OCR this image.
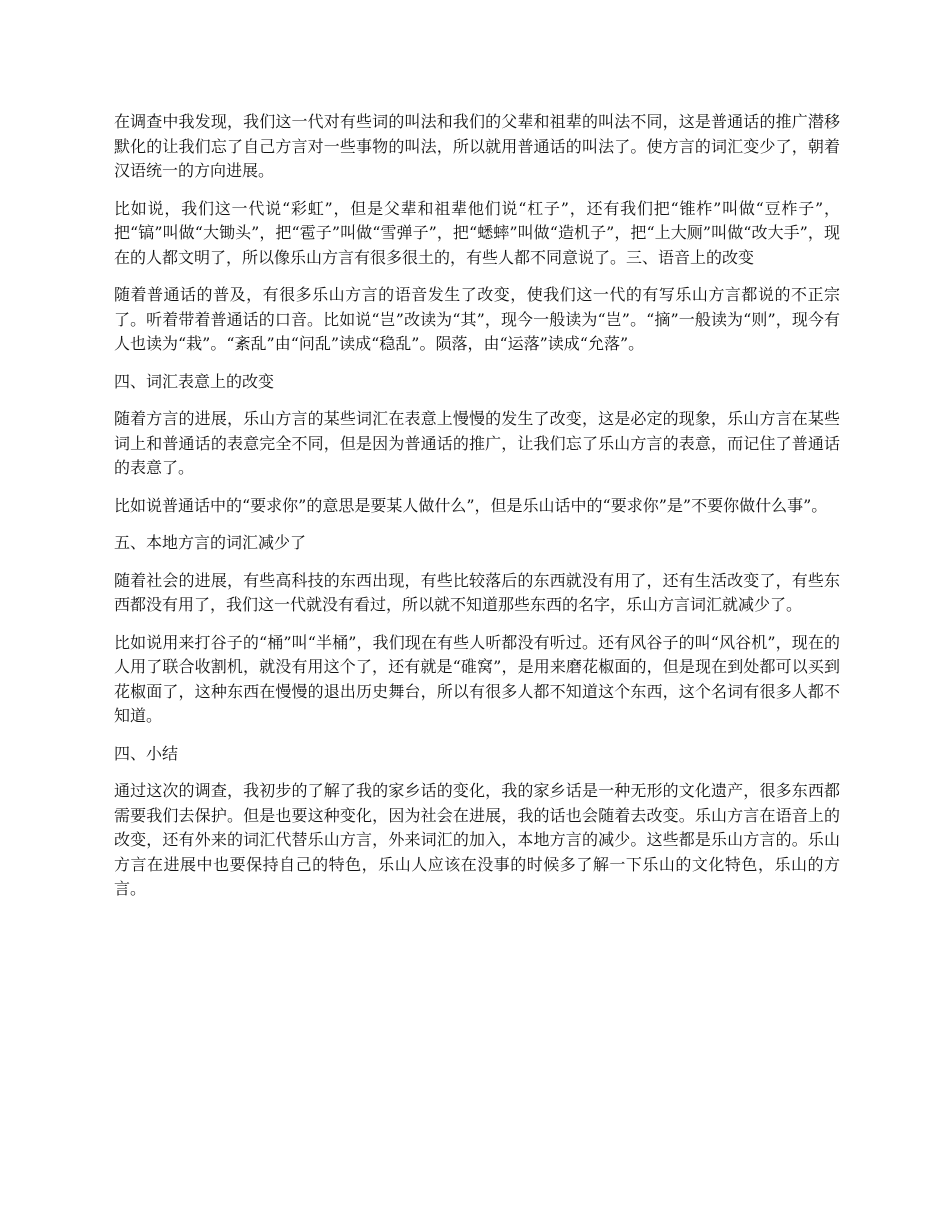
在调查中我发现，我们这一代对有些词的叫法和我们的父辈和祖辈的叫法不同，这是普通话的推广潜移默化的让我们忘了自己方言对一些事物的叫法，所以就用普通话的叫法了。使方言的词汇变少了，朝着汉语统一的方向进展。

比如说，我们这一代说“彩虹”，但是父辈和祖辈他们说“杠子”，还有我们把“锥柞”叫做“豆柞子”，把“镐”叫做“大锄头”，把“雹子”叫做“雪弹子”，把“蟋蟀”叫做“造机子”，把“上大厕”叫做“改大手”，现在的人都文明了，所以像乐山方言有很多很土的，有些人都不同意说了。三、语音上的改变

随着普通话的普及，有很多乐山方言的语音发生了改变，使我们这一代的有写乐山方言都说的不正宗了。听着带着普通话的口音。比如说“岂”改读为“其”，现今一般读为“岂”。“摘”一般读为“则”，现今有人也读为“栽”。“紊乱”由“问乱”读成“稳乱”。陨落，由“运落”读成“允落”。

四、词汇表意上的改变

随着方言的进展，乐山方言的某些词汇在表意上慢慢的发生了改变，这是必定的现象，乐山方言在某些词上和普通话的表意完全不同，但是因为普通话的推广，让我们忘了乐山方言的表意，而记住了普通话的表意了。

比如说普通话中的“要求你”的意思是要某人做什么”，但是乐山话中的“要求你”是”不要你做什么事”。

五、本地方言的词汇减少了

随着社会的进展，有些高科技的东西出现，有些比较落后的东西就没有用了，还有生活改变了，有些东西都没有用了，我们这一代就没有看过，所以就不知道那些东西的名字，乐山方言词汇就减少了。

比如说用来打谷子的“桶”叫“半桶”，我们现在有些人听都没有听过。还有风谷子的叫“风谷机”，现在的人用了联合收割机，就没有用这个了，还有就是“碓窝”，是用来磨花椒面的，但是现在到处都可以买到花椒面了，这种东西在慢慢的退出历史舞台，所以有很多人都不知道这个东西，这个名词有很多人都不知道。

四、小结

通过这次的调查，我初步的了解了我的家乡话的变化，我的家乡话是一种无形的文化遗产，很多东西都需要我们去保护。但是也要这种变化，因为社会在进展，我的话也会随着去改变。乐山方言在语音上的改变，还有外来的词汇代替乐山方言，外来词汇的加入，本地方言的减少。这些都是乐山方言的。乐山方言在进展中也要保持自己的特色，乐山人应该在没事的时候多了解一下乐山的文化特色，乐山的方言。
